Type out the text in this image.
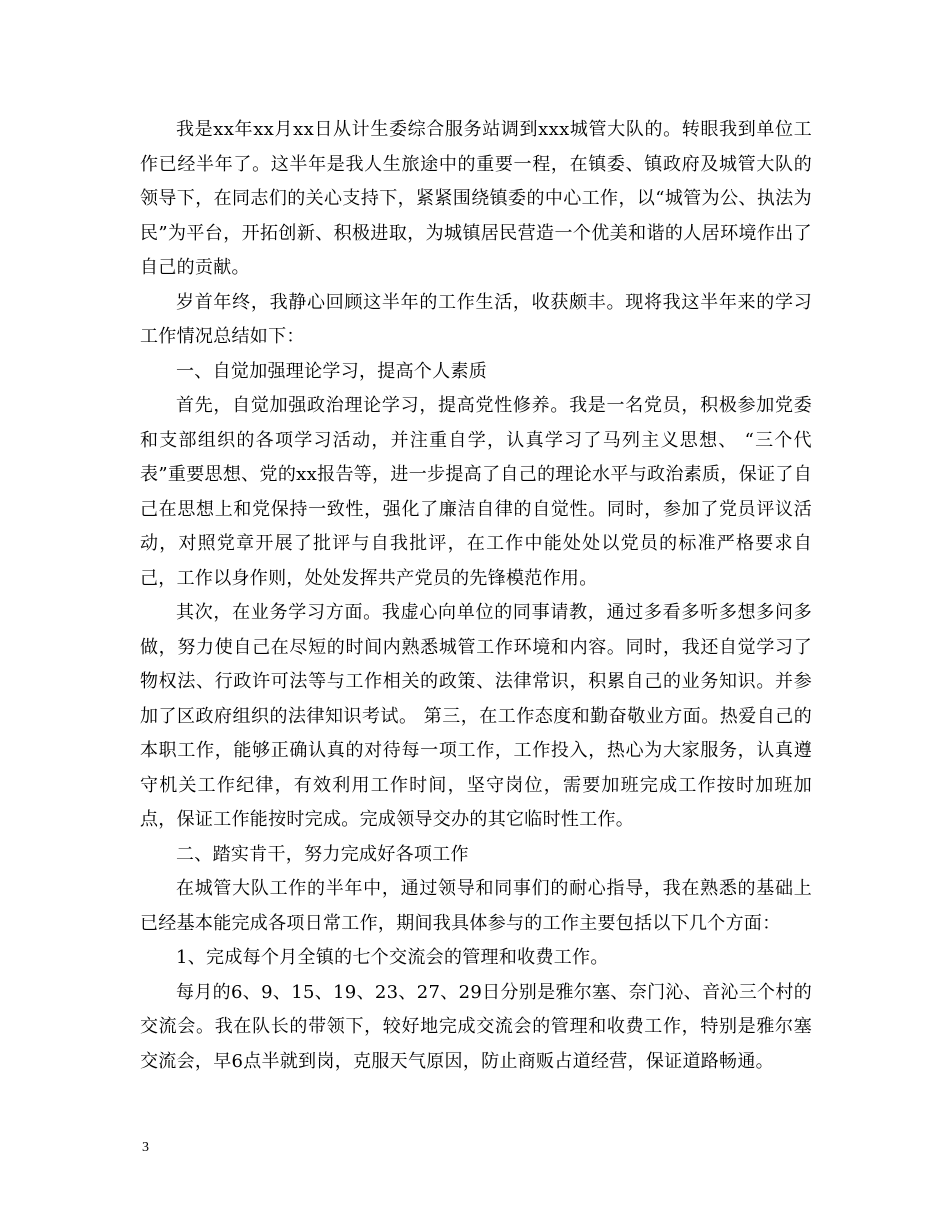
我是xx年xx月xx日从计生委综合服务站调到xxx城管大队的。转眼我到单位工作已经半年了。这半年是我人生旅途中的重要一程，在镇委、镇政府及城管大队的领导下，在同志们的关心支持下，紧紧围绕镇委的中心工作，以“城管为公、执法为民”为平台，开拓创新、积极进取，为城镇居民营造一个优美和谐的人居环境作出了自己的贡献。

岁首年终，我静心回顾这半年的工作生活，收获颇丰。现将我这半年来的学习工作情况总结如下：

一、自觉加强理论学习，提高个人素质

首先，自觉加强政治理论学习，提高党性修养。我是一名党员，积极参加党委和支部组织的各项学习活动，并注重自学，认真学习了马列主义思想、 “三个代表”重要思想、党的xx报告等，进一步提高了自己的理论水平与政治素质，保证了自己在思想上和党保持一致性，强化了廉洁自律的自觉性。同时，参加了党员评议活动，对照党章开展了批评与自我批评，在工作中能处处以党员的标准严格要求自己，工作以身作则，处处发挥共产党员的先锋模范作用。

其次，在业务学习方面。我虚心向单位的同事请教，通过多看多听多想多问多做，努力使自己在尽短的时间内熟悉城管工作环境和内容。同时，我还自觉学习了物权法、行政许可法等与工作相关的政策、法律常识，积累自己的业务知识。并参加了区政府组织的法律知识考试。 第三，在工作态度和勤奋敬业方面。热爱自己的本职工作，能够正确认真的对待每一项工作，工作投入，热心为大家服务，认真遵守机关工作纪律，有效利用工作时间，坚守岗位，需要加班完成工作按时加班加点，保证工作能按时完成。完成领导交办的其它临时性工作。

二、踏实肯干，努力完成好各项工作

在城管大队工作的半年中，通过领导和同事们的耐心指导，我在熟悉的基础上已经基本能完成各项日常工作，期间我具体参与的工作主要包括以下几个方面：

1、完成每个月全镇的七个交流会的管理和收费工作。

每月的6、9、15、19、23、27、29日分别是雅尔塞、奈门沁、音沁三个村的交流会。我在队长的带领下，较好地完成交流会的管理和收费工作，特别是雅尔塞交流会，早6点半就到岗，克服天气原因，防止商贩占道经营，保证道路畅通。

3
